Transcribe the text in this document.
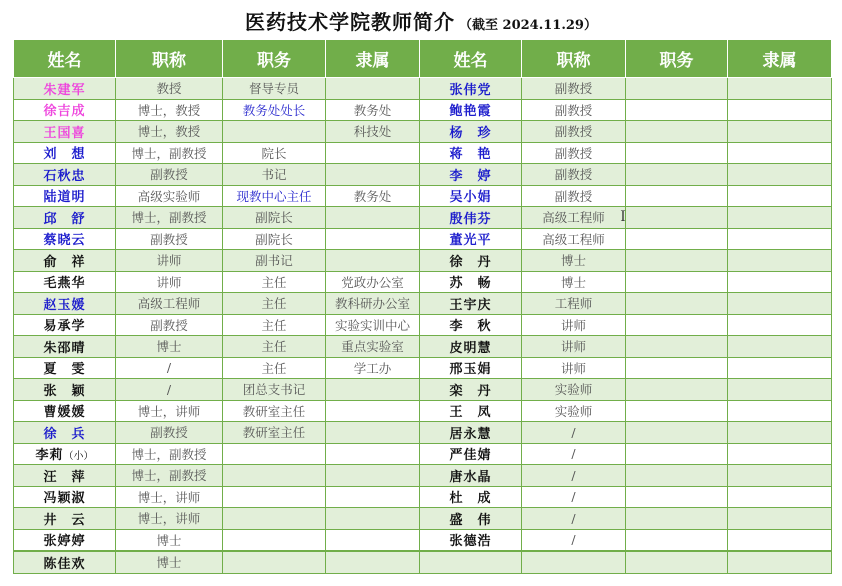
医药技术学院教师简介 （截至 2024.11.29）
姓名	职称	职务	隶属	姓名	职称	职务	隶属
朱建军	教授	督导专员		张伟党	副教授		
徐吉成	博士，教授	教务处处长	教务处	鲍艳霞	副教授		
王国喜	博士，教授		科技处	杨　珍	副教授		
刘　想	博士，副教授	院长		蒋　艳	副教授		
石秋忠	副教授	书记		李　婷	副教授		
陆道明	高级实验师	现教中心主任	教务处	吴小娟	副教授		
邱　舒	博士，副教授	副院长		殷伟芬	高级工程师		
蔡晓云	副教授	副院长		董光平	高级工程师		
俞　祥	讲师	副书记		徐　丹	博士		
毛燕华	讲师	主任	党政办公室	苏　畅	博士		
赵玉媛	高级工程师	主任	教科研办公室	王宇庆	工程师		
易承学	副教授	主任	实验实训中心	李　秋	讲师		
朱邵晴	博士	主任	重点实验室	皮明慧	讲师		
夏　雯	/	主任	学工办	邢玉娟	讲师		
张　颖	/	团总支书记		栾　丹	实验师		
曹媛媛	博士，讲师	教研室主任		王　凤	实验师		
徐　兵	副教授	教研室主任		居永慧	/		
李莉（小）	博士，副教授			严佳婧	/		
汪　萍	博士，副教授			唐水晶	/		
冯颖淑	博士，讲师			杜　成	/		
井　云	博士，讲师			盛　伟	/		
张婷婷	博士			张德浩	/		
陈佳欢	博士						
Ｉ
